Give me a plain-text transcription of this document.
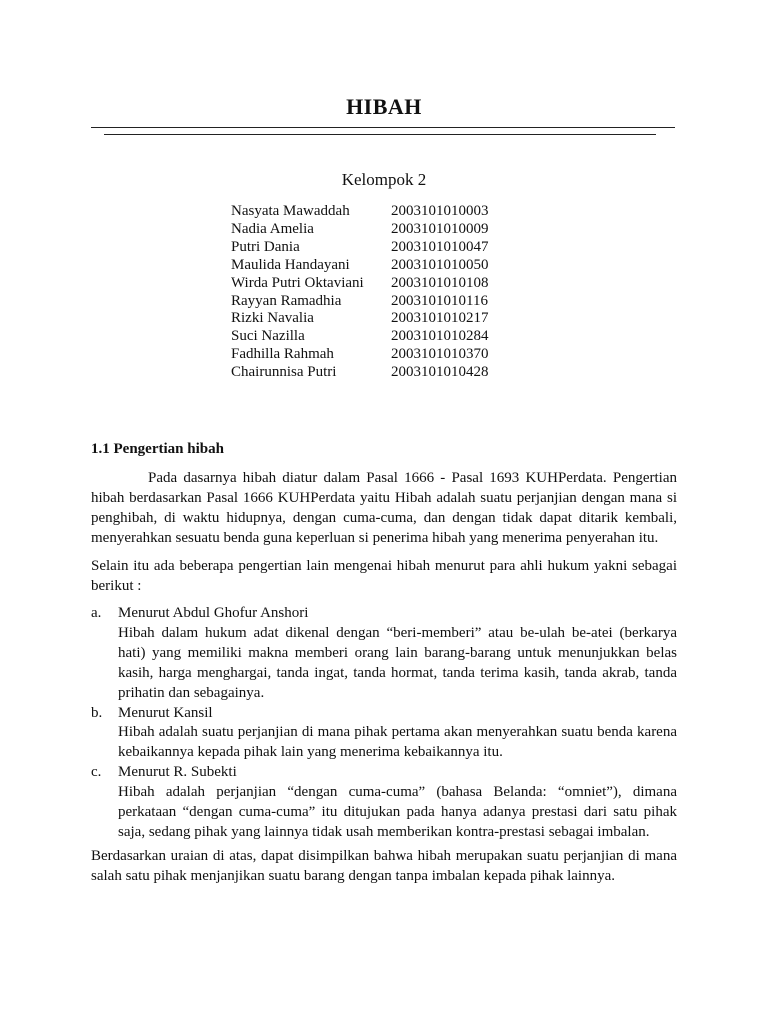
HIBAH
Kelompok 2
Nasyata Mawaddah	2003101010003
Nadia Amelia	2003101010009
Putri Dania	2003101010047
Maulida Handayani	2003101010050
Wirda Putri Oktaviani	2003101010108
Rayyan Ramadhia	2003101010116
Rizki Navalia	2003101010217
Suci Nazilla	2003101010284
Fadhilla Rahmah	2003101010370
Chairunnisa Putri	2003101010428
1.1 Pengertian hibah
Pada dasarnya hibah diatur dalam Pasal 1666 - Pasal 1693 KUHPerdata. Pengertian hibah berdasarkan Pasal 1666 KUHPerdata yaitu Hibah adalah suatu perjanjian dengan mana si penghibah, di waktu hidupnya, dengan cuma-cuma, dan dengan tidak dapat ditarik kembali, menyerahkan sesuatu benda guna keperluan si penerima hibah yang menerima penyerahan itu.
Selain itu ada beberapa pengertian lain mengenai hibah menurut para ahli hukum yakni sebagai berikut :
a. Menurut Abdul Ghofur Anshori
Hibah dalam hukum adat dikenal dengan “beri-memberi” atau be-ulah be-atei (berkarya hati) yang memiliki makna memberi orang lain barang-barang untuk menunjukkan belas kasih, harga menghargai, tanda ingat, tanda hormat, tanda terima kasih, tanda akrab, tanda prihatin dan sebagainya.
b. Menurut Kansil
Hibah adalah suatu perjanjian di mana pihak pertama akan menyerahkan suatu benda karena kebaikannya kepada pihak lain yang menerima kebaikannya itu.
c. Menurut R. Subekti
Hibah adalah perjanjian “dengan cuma-cuma” (bahasa Belanda: “omniet”), dimana perkataan “dengan cuma-cuma” itu ditujukan pada hanya adanya prestasi dari satu pihak saja, sedang pihak yang lainnya tidak usah memberikan kontra-prestasi sebagai imbalan.
Berdasarkan uraian di atas, dapat disimpilkan bahwa hibah merupakan suatu perjanjian di mana salah satu pihak menjanjikan suatu barang dengan tanpa imbalan kepada pihak lainnya.
